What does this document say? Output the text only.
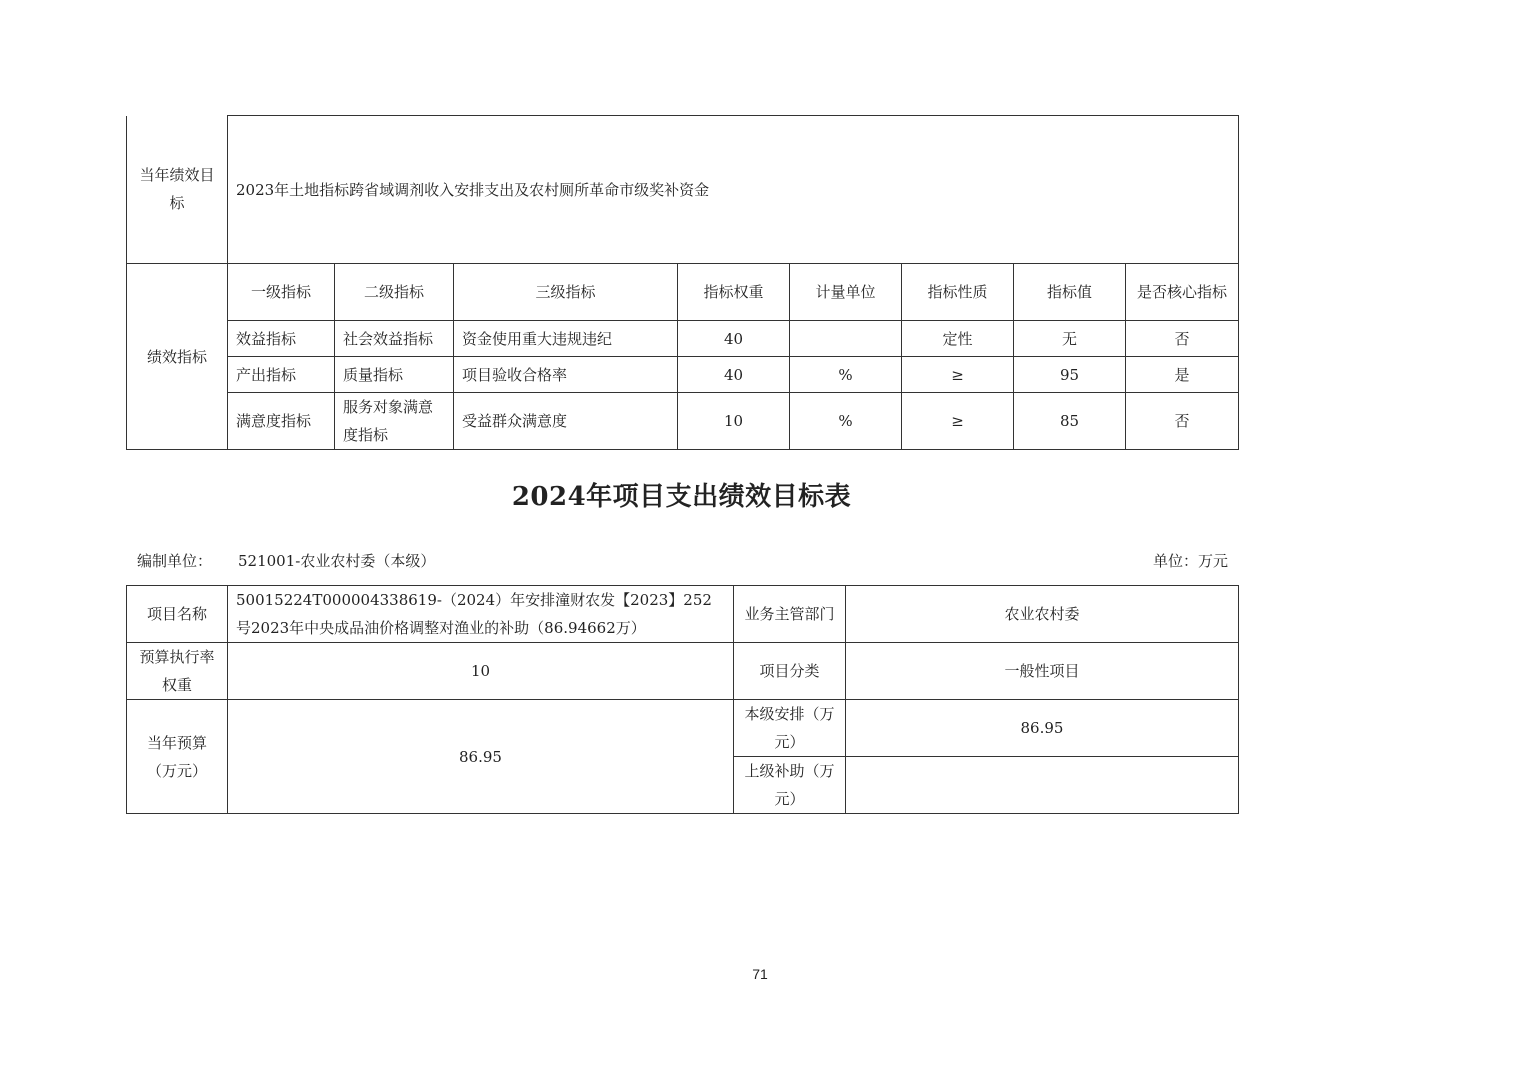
当年绩效目标	2023年土地指标跨省域调剂收入安排支出及农村厕所革命市级奖补资金							
绩效指标	一级指标	二级指标	三级指标	指标权重	计量单位	指标性质	指标值	是否核心指标
	效益指标	社会效益指标	资金使用重大违规违纪	40		定性	无	否
	产出指标	质量指标	项目验收合格率	40	%	≥	95	是
	满意度指标	服务对象满意度指标	受益群众满意度	10	%	≥	85	否
2024年项目支出绩效目标表
编制单位： 521001-农业农村委（本级）	单位：万元
项目名称	50015224T000004338619-（2024）年安排潼财农发【2023】252号2023年中央成品油价格调整对渔业的补助（86.94662万）	业务主管部门	农业农村委
预算执行率权重	10	项目分类	一般性项目
当年预算（万元）	86.95	本级安排（万元）	86.95
		上级补助（万元）	
71
